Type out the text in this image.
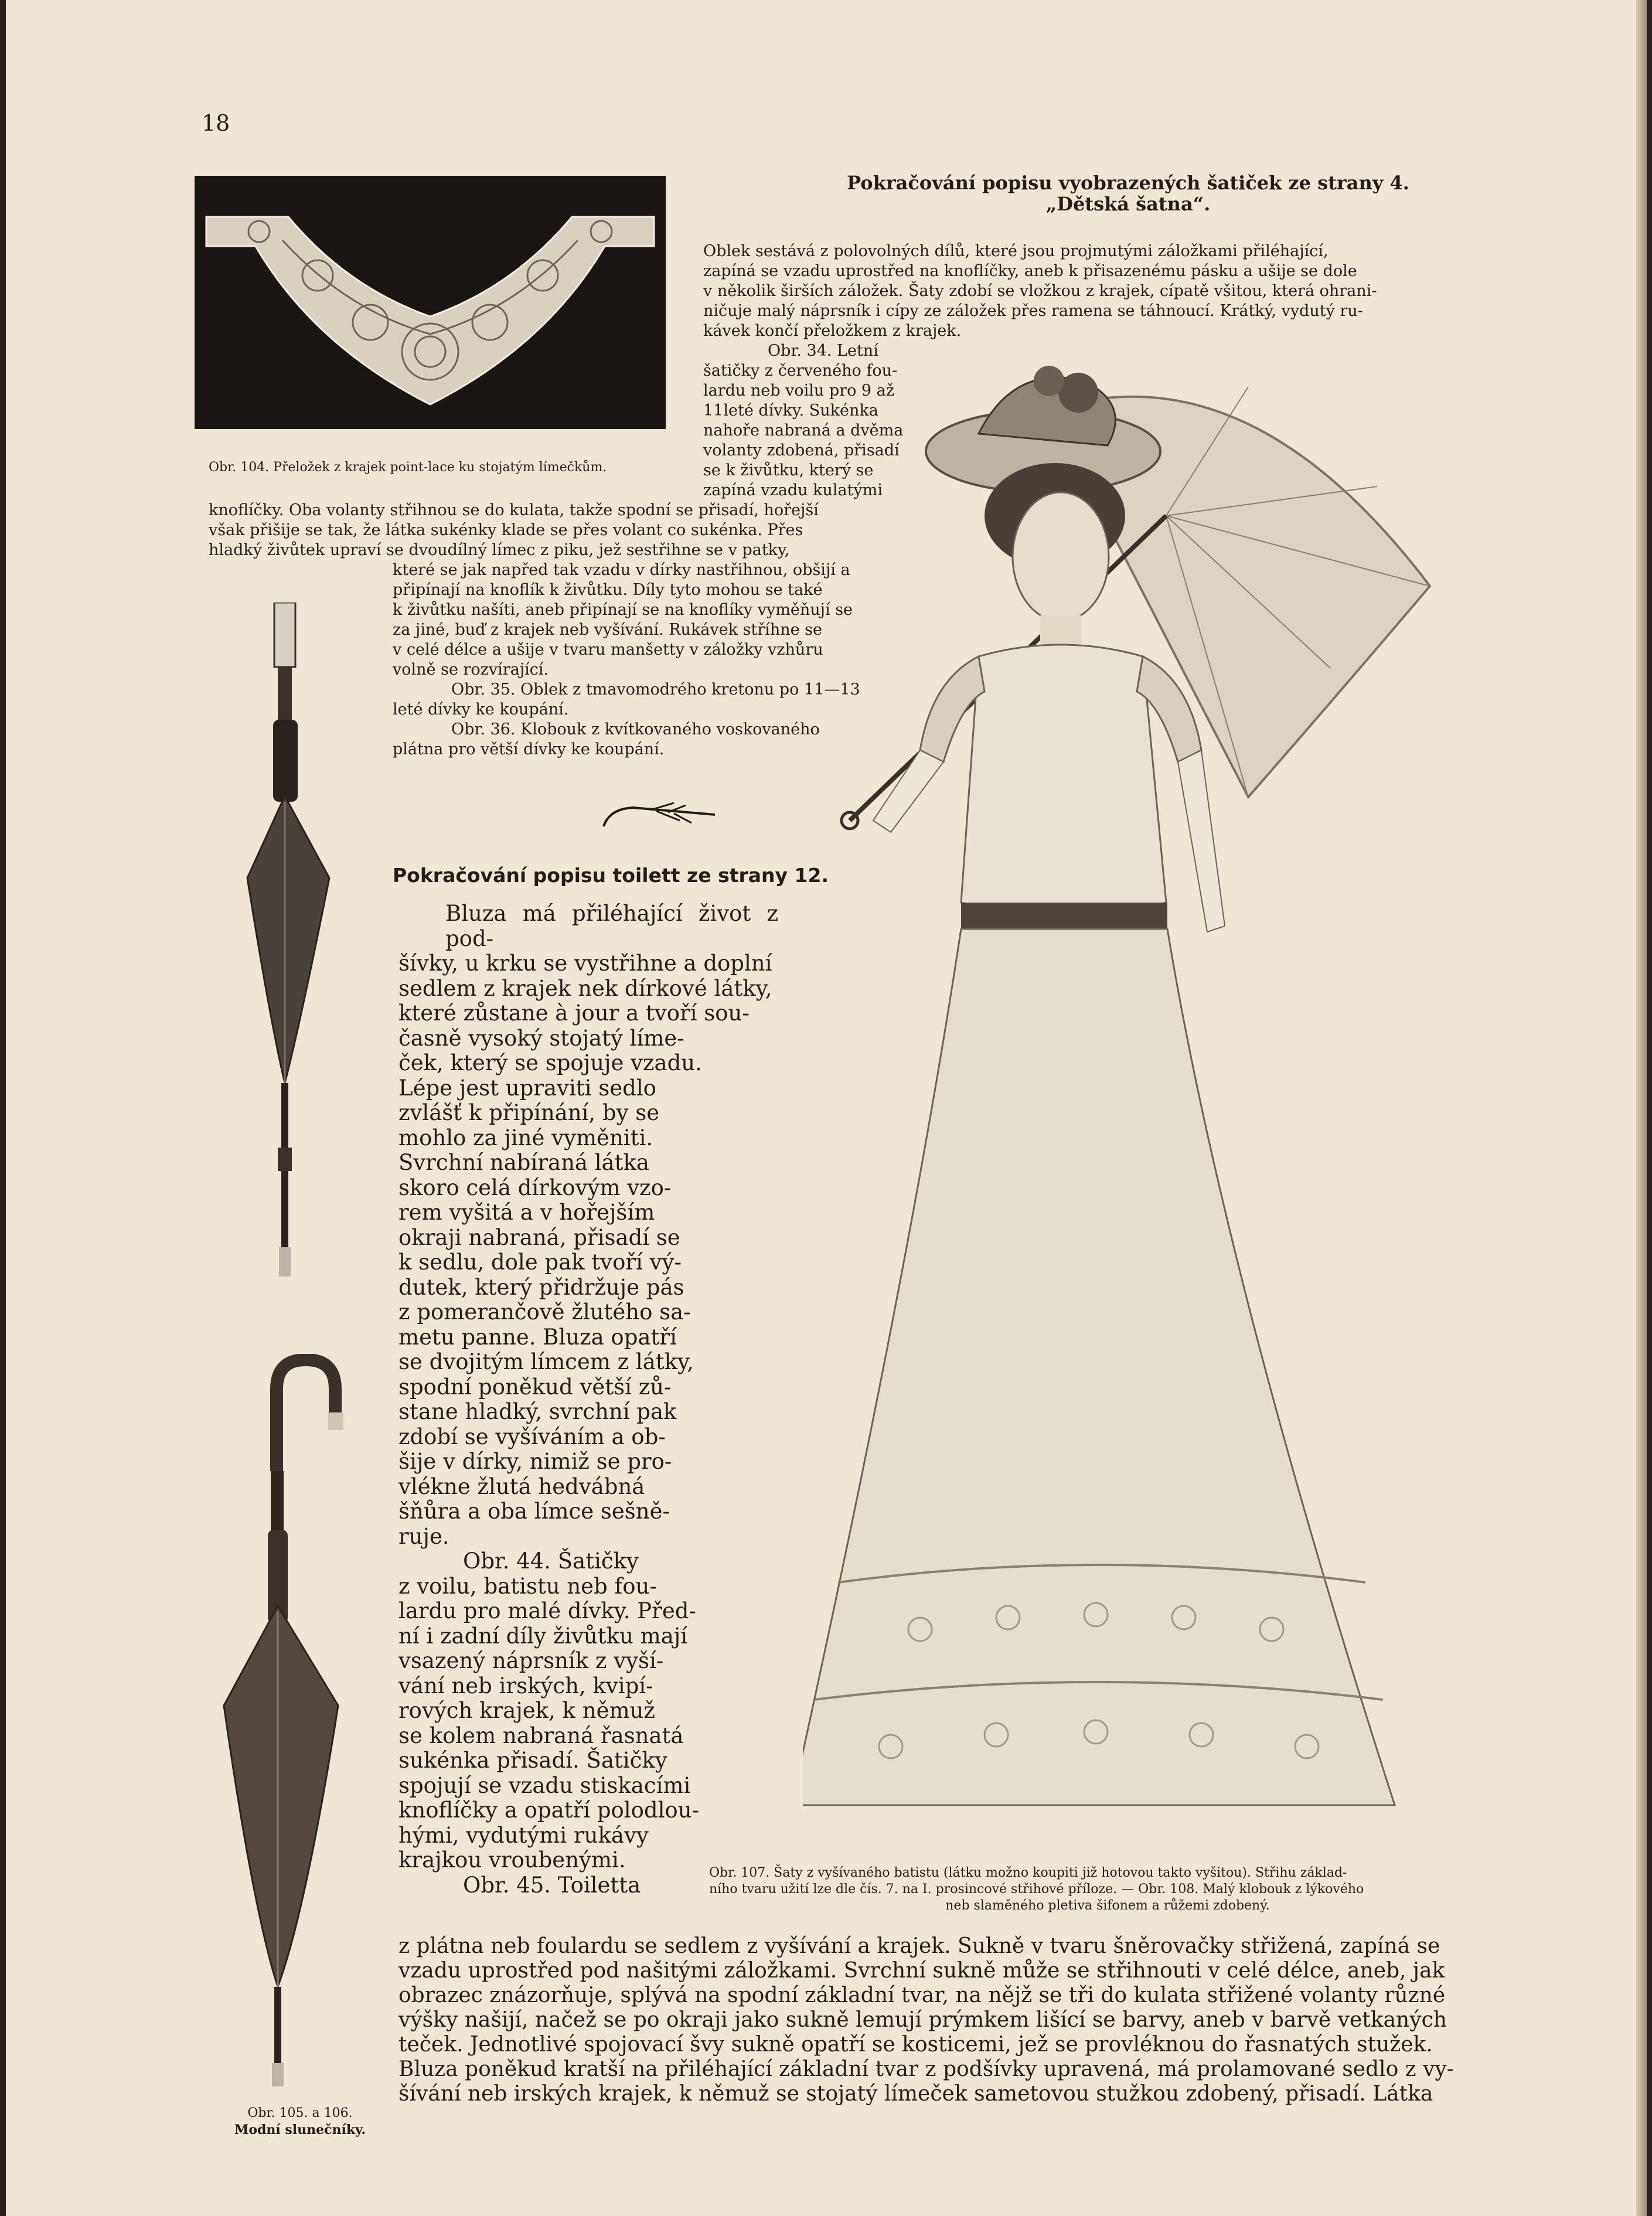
18
Obr. 104. Přeložek z krajek point-lace ku stojatým límečkům.
Obr. 105. a 106.
Modní slunečníky.
Pokračování popisu vyobrazených šatiček ze strany 4.
„Dětská šatna“.
Oblek sestává z polovolných dílů, které jsou projmutými záložkami přiléhající,
zapíná se vzadu uprostřed na knoflíčky, aneb k přisazenému pásku a ušije se dole
v několik širších záložek. Šaty zdobí se vložkou z krajek, cípatě všitou, která ohrani-
ničuje malý náprsník i cípy ze záložek přes ramena se táhnoucí. Krátký, vydutý ru-
kávek končí přeložkem z krajek.
Obr. 34. Letní
šatičky z červeného fou-
lardu neb voilu pro 9 až
11leté dívky. Sukénka
nahoře nabraná a dvěma
volanty zdobená, přisadí
se k živůtku, který se
zapíná vzadu kulatými
knoflíčky. Oba volanty střihnou se do kulata, takže spodní se přisadí, hořejší
však přišije se tak, že látka sukénky klade se přes volant co sukénka. Přes
hladký živůtek upraví se dvoudílný límec z piku, jež sestřihne se v patky,
které se jak napřed tak vzadu v dírky nastřihnou, obšijí a
připínají na knoflík k živůtku. Díly tyto mohou se také
k živůtku našíti, aneb připínají se na knoflíky vyměňují se
za jiné, buď z krajek neb vyšívání. Rukávek stříhne se
v celé délce a ušije v tvaru manšetty v záložky vzhůru
volně se rozvírající.
Obr. 35. Oblek z tmavomodrého kretonu po 11—13
leté dívky ke koupání.
Obr. 36. Klobouk z kvítkovaného voskovaného
plátna pro větší dívky ke koupání.
Pokračování popisu toilett ze strany 12.
Bluza má přiléhající život z pod-
šívky, u krku se vystřihne a doplní
sedlem z krajek nek dírkové látky,
které zůstane à jour a tvoří sou-
časně vysoký stojatý líme-
ček, který se spojuje vzadu.
Lépe jest upraviti sedlo
zvlášť k připínání, by se
mohlo za jiné vyměniti.
Svrchní nabíraná látka
skoro celá dírkovým vzo-
rem vyšitá a v hořejším
okraji nabraná, přisadí se
k sedlu, dole pak tvoří vý-
dutek, který přidržuje pás
z pomerančově žlutého sa-
metu panne. Bluza opatří
se dvojitým límcem z látky,
spodní poněkud větší zů-
stane hladký, svrchní pak
zdobí se vyšíváním a ob-
šije v dírky, nimiž se pro-
vlékne žlutá hedvábná
šňůra a oba límce sešně-
ruje.
Obr. 44. Šatičky
z voilu, batistu neb fou-
lardu pro malé dívky. Před-
ní i zadní díly živůtku mají
vsazený náprsník z vyší-
vání neb irských, kvipí-
rových krajek, k němuž
se kolem nabraná řasnatá
sukénka přisadí. Šatičky
spojují se vzadu stiskacími
knoflíčky a opatří polodlou-
hými, vydutými rukávy
krajkou vroubenými.
Obr. 45. Toiletta	Obr. 107. Šaty z vyšívaného batistu (látku možno koupiti již hotovou takto vyšitou). Střihu základ-
ního tvaru užití lze dle čís. 7. na I. prosincové střihové příloze. — Obr. 108. Malý klobouk z lýkového
neb slaměného pletiva šifonem a růžemi zdobený.
z plátna neb foulardu se sedlem z vyšívání a krajek. Sukně v tvaru šněrovačky střižená, zapíná se
vzadu uprostřed pod našitými záložkami. Svrchní sukně může se střihnouti v celé délce, aneb, jak
obrazec znázorňuje, splývá na spodní základní tvar, na nějž se tři do kulata střižené volanty různé
výšky našijí, načež se po okraji jako sukně lemují prýmkem lišící se barvy, aneb v barvě vetkaných
teček. Jednotlivé spojovací švy sukně opatří se kosticemi, jež se provléknou do řasnatých stužek.
Bluza poněkud kratší na přiléhající základní tvar z podšívky upravená, má prolamované sedlo z vy-
šívání neb irských krajek, k němuž se stojatý límeček sametovou stužkou zdobený, přisadí. Látka
